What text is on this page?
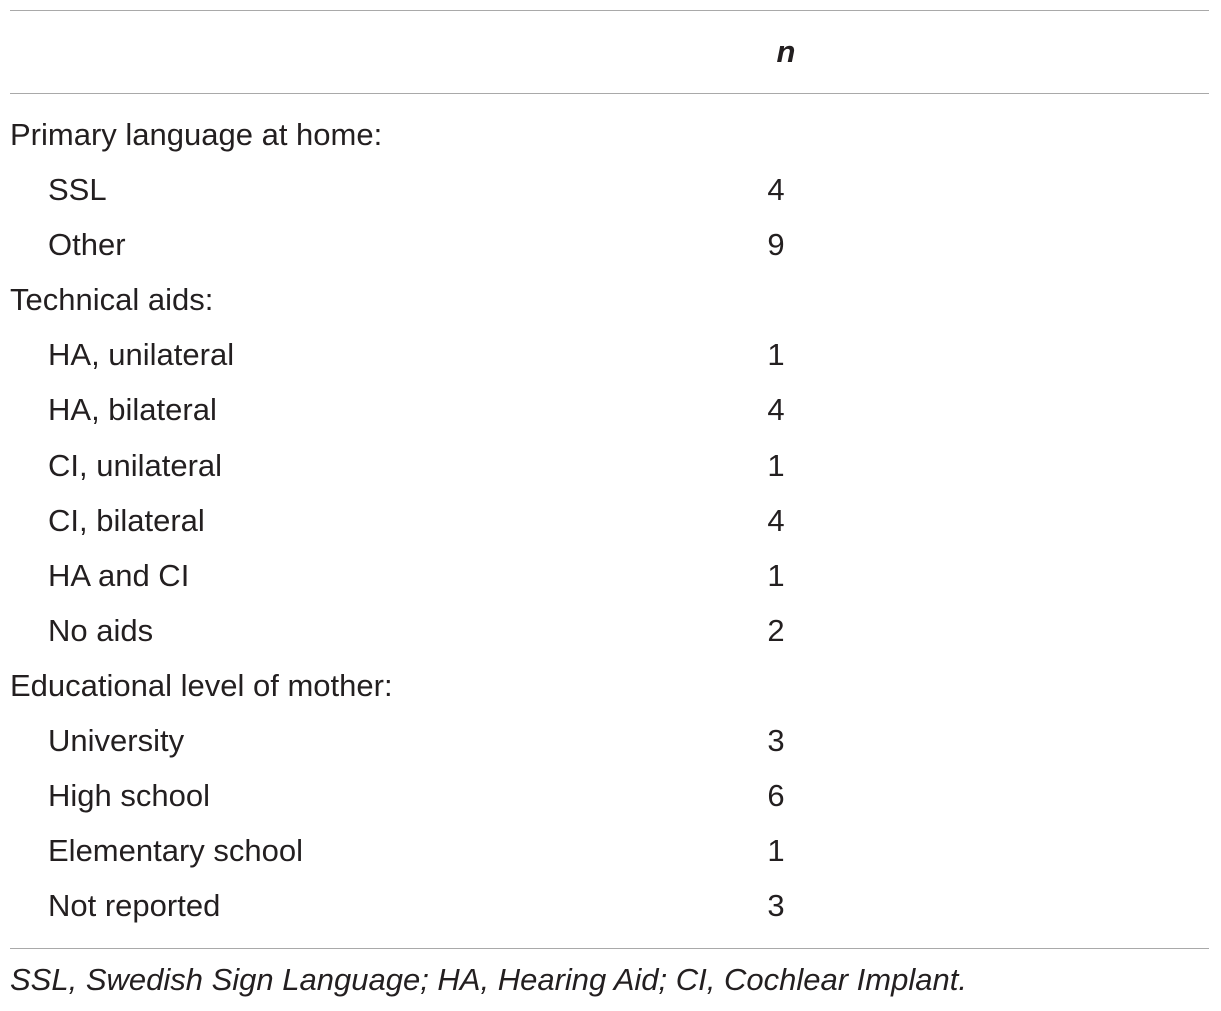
n
Primary language at home:
SSL	4
Other	9
Technical aids:
HA, unilateral	1
HA, bilateral	4
CI, unilateral	1
CI, bilateral	4
HA and CI	1
No aids	2
Educational level of mother:
University	3
High school	6
Elementary school	1
Not reported	3
SSL, Swedish Sign Language; HA, Hearing Aid; CI, Cochlear Implant.
